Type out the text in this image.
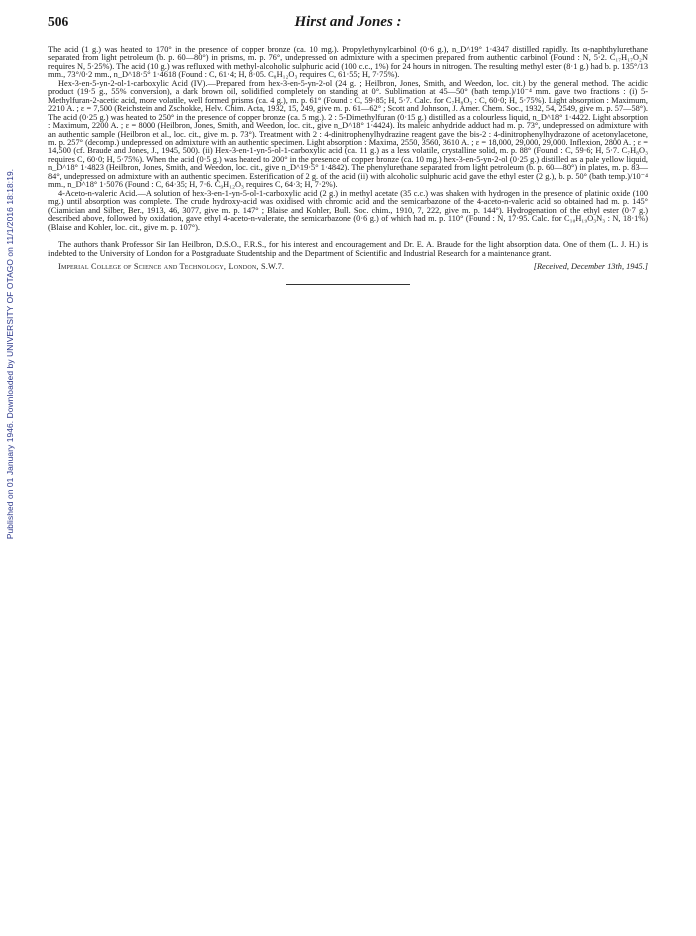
Published on 01 January 1946. Downloaded by UNIVERSITY OF OTAGO on 11/1/2016 18:18:19.
506	Hirst and Jones :

The acid (1 g.) was heated to 170° in the presence of copper bronze (ca. 10 mg.). Propylethynylcarbinol (0·6 g.), n_D^19° 1·4347 distilled rapidly. Its α-naphthylurethane separated from light petroleum (b. p. 60—80°) in prisms, m. p. 76°, undepressed on admixture with a specimen prepared from authentic carbinol (Found : N, 5·2. C₁₇H₁₇O₂N requires N, 5·25%). The acid (10 g.) was refluxed with methyl-alcoholic sulphuric acid (100 c.c., 1%) for 24 hours in nitrogen. The resulting methyl ester (8·1 g.) had b. p. 135°/13 mm., 73°/0·2 mm., n_D^18·5° 1·4618 (Found : C, 61·4; H, 8·05. C₈H₁₂O₃ requires C, 61·55; H, 7·75%).

Hex-3-en-5-yn-2-ol-1-carboxylic Acid (IV).—Prepared from hex-3-en-5-yn-2-ol (24 g. ; Heilbron, Jones, Smith, and Weedon, loc. cit.) by the general method. The acidic product (19·5 g., 55% conversion), a dark brown oil, solidified completely on standing at 0°. Sublimation at 45—50° (bath temp.)/10⁻⁴ mm. gave two fractions : (i) 5-Methylfuran-2-acetic acid, more volatile, well formed prisms (ca. 4 g.), m. p. 61° (Found : C, 59·85; H, 5·7. Calc. for C₇H₈O₃ : C, 60·0; H, 5·75%). Light absorption : Maximum, 2210 A. ; ε = 7,500 (Reichstein and Zschokke, Helv. Chim. Acta, 1932, 15, 249, give m. p. 61—62° ; Scott and Johnson, J. Amer. Chem. Soc., 1932, 54, 2549, give m. p. 57—58°). The acid (0·25 g.) was heated to 250° in the presence of copper bronze (ca. 5 mg.). 2 : 5-Dimethylfuran (0·15 g.) distilled as a colourless liquid, n_D^18° 1·4422. Light absorption : Maximum, 2200 A. ; ε = 8000 (Heilbron, Jones, Smith, and Weedon, loc. cit., give n_D^18° 1·4424). Its maleic anhydride adduct had m. p. 73°, undepressed on admixture with an authentic sample (Heilbron et al., loc. cit., give m. p. 73°). Treatment with 2 : 4-dinitrophenylhydrazine reagent gave the bis-2 : 4-dinitrophenylhydrazone of acetonylacetone, m. p. 257° (decomp.) undepressed on admixture with an authentic specimen. Light absorption : Maxima, 2550, 3560, 3610 A. ; ε = 18,000, 29,000, 29,000. Inflexion, 2800 A. ; ε = 14,500 (cf. Braude and Jones, J., 1945, 500). (ii) Hex-3-en-1-yn-5-ol-1-carboxylic acid (ca. 11 g.) as a less volatile, crystalline solid, m. p. 88° (Found : C, 59·6; H, 5·7. C₇H₈O₃ requires C, 60·0; H, 5·75%). When the acid (0·5 g.) was heated to 200° in the presence of copper bronze (ca. 10 mg.) hex-3-en-5-yn-2-ol (0·25 g.) distilled as a pale yellow liquid, n_D^18° 1·4823 (Heilbron, Jones, Smith, and Weedon, loc. cit., give n_D^19·5° 1·4842). The phenylurethane separated from light petroleum (b. p. 60—80°) in plates, m. p. 83—84°, undepressed on admixture with an authentic specimen. Esterification of 2 g. of the acid (ii) with alcoholic sulphuric acid gave the ethyl ester (2 g.), b. p. 50° (bath temp.)/10⁻⁴ mm., n_D^18° 1·5076 (Found : C, 64·35; H, 7·6. C₉H₁₂O₃ requires C, 64·3; H, 7·2%).

4-Aceto-n-valeric Acid.—A solution of hex-3-en-1-yn-5-ol-1-carboxylic acid (2 g.) in methyl acetate (35 c.c.) was shaken with hydrogen in the presence of platinic oxide (100 mg.) until absorption was complete. The crude hydroxy-acid was oxidised with chromic acid and the semicarbazone of the 4-aceto-n-valeric acid so obtained had m. p. 145° (Ciamician and Silber, Ber., 1913, 46, 3077, give m. p. 147° ; Blaise and Kohler, Bull. Soc. chim., 1910, 7, 222, give m. p. 144°). Hydrogenation of the ethyl ester (0·7 g.) described above, followed by oxidation, gave ethyl 4-aceto-n-valerate, the semicarbazone (0·6 g.) of which had m. p. 110° (Found : N, 17·95. Calc. for C₁₀H₁₉O₃N₃ : N, 18·1%) (Blaise and Kohler, loc. cit., give m. p. 107°).

The authors thank Professor Sir Ian Heilbron, D.S.O., F.R.S., for his interest and encouragement and Dr. E. A. Braude for the light absorption data. One of them (L. J. H.) is indebted to the University of London for a Postgraduate Studentship and the Department of Scientific and Industrial Research for a maintenance grant.

Imperial College of Science and Technology, London, S.W.7.	[Received, December 13th, 1945.]
